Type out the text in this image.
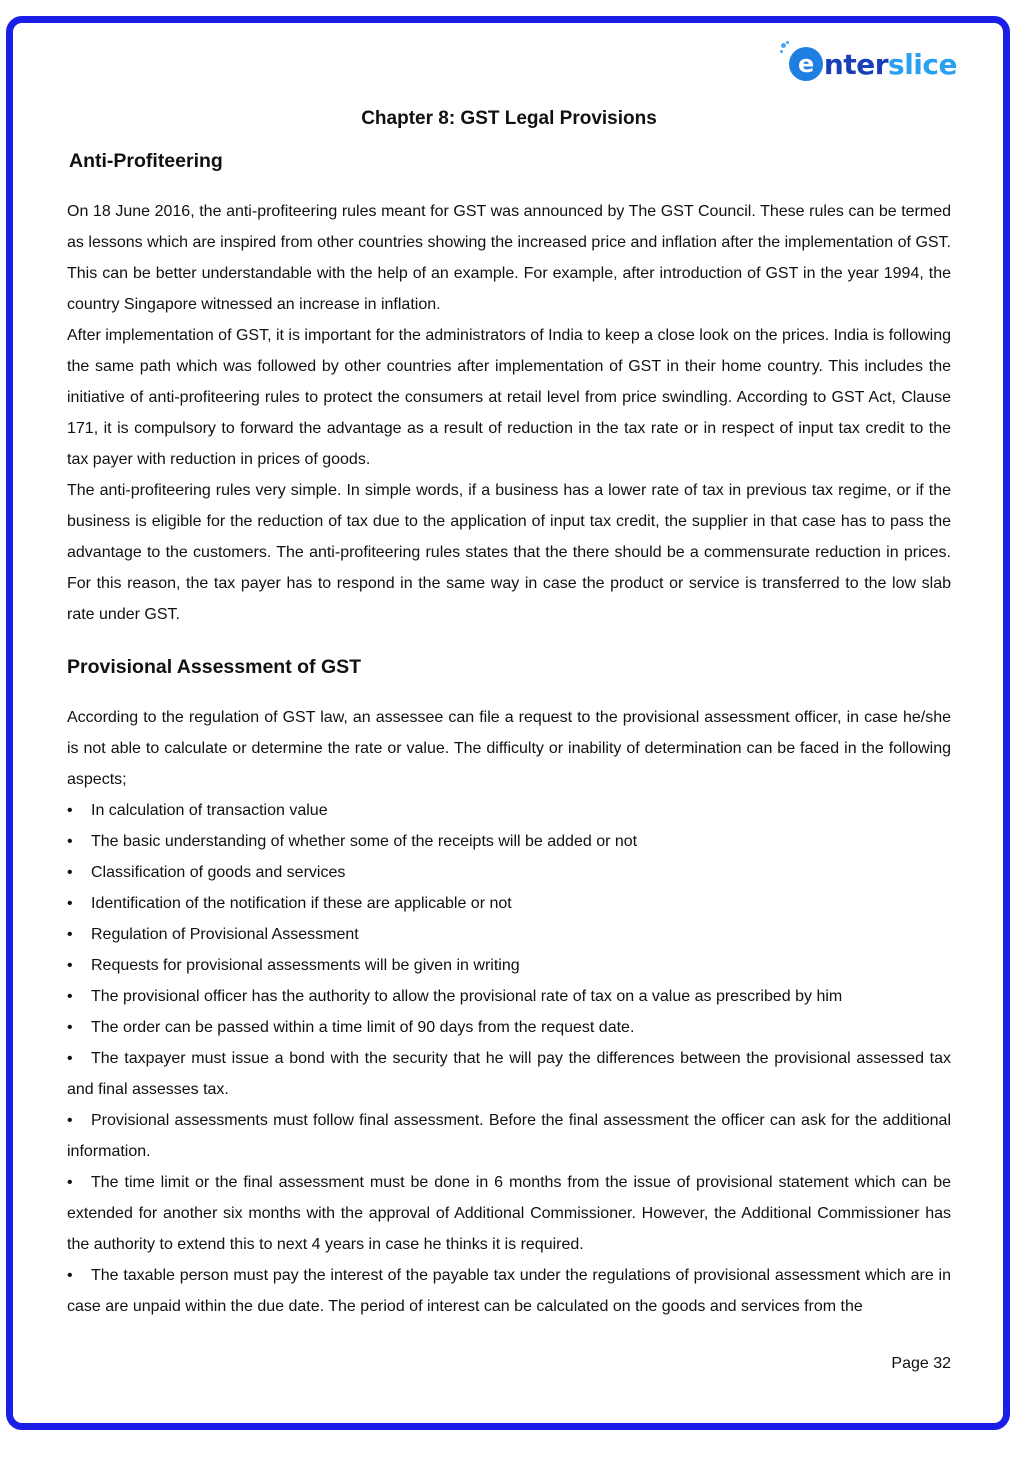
e nter slice
Chapter 8: GST Legal Provisions
Anti-Profiteering

On 18 June 2016, the anti-profiteering rules meant for GST was announced by The GST Council. These rules can be termed as lessons which are inspired from other countries showing the increased price and inflation after the implementation of GST. This can be better understandable with the help of an example. For example, after introduction of GST in the year 1994, the country Singapore witnessed an increase in inflation.

After implementation of GST, it is important for the administrators of India to keep a close look on the prices. India is following the same path which was followed by other countries after implementation of GST in their home country. This includes the initiative of anti-profiteering rules to protect the consumers at retail level from price swindling. According to GST Act, Clause 171, it is compulsory to forward the advantage as a result of reduction in the tax rate or in respect of input tax credit to the tax payer with reduction in prices of goods.

The anti-profiteering rules very simple. In simple words, if a business has a lower rate of tax in previous tax regime, or if the business is eligible for the reduction of tax due to the application of input tax credit, the supplier in that case has to pass the advantage to the customers. The anti-profiteering rules states that the there should be a commensurate reduction in prices. For this reason, the tax payer has to respond in the same way in case the product or service is transferred to the low slab rate under GST.

Provisional Assessment of GST

According to the regulation of GST law, an assessee can file a request to the provisional assessment officer, in case he/she is not able to calculate or determine the rate or value. The difficulty or inability of determination can be faced in the following aspects;

• In calculation of transaction value
• The basic understanding of whether some of the receipts will be added or not
• Classification of goods and services
• Identification of the notification if these are applicable or not
• Regulation of Provisional Assessment
• Requests for provisional assessments will be given in writing
• The provisional officer has the authority to allow the provisional rate of tax on a value as prescribed by him
• The order can be passed within a time limit of 90 days from the request date.
• The taxpayer must issue a bond with the security that he will pay the differences between the provisional assessed tax and final assesses tax.
• Provisional assessments must follow final assessment. Before the final assessment the officer can ask for the additional information.
• The time limit or the final assessment must be done in 6 months from the issue of provisional statement which can be extended for another six months with the approval of Additional Commissioner. However, the Additional Commissioner has the authority to extend this to next 4 years in case he thinks it is required.
• The taxable person must pay the interest of the payable tax under the regulations of provisional assessment which are in case are unpaid within the due date. The period of interest can be calculated on the goods and services from the
Page 32
